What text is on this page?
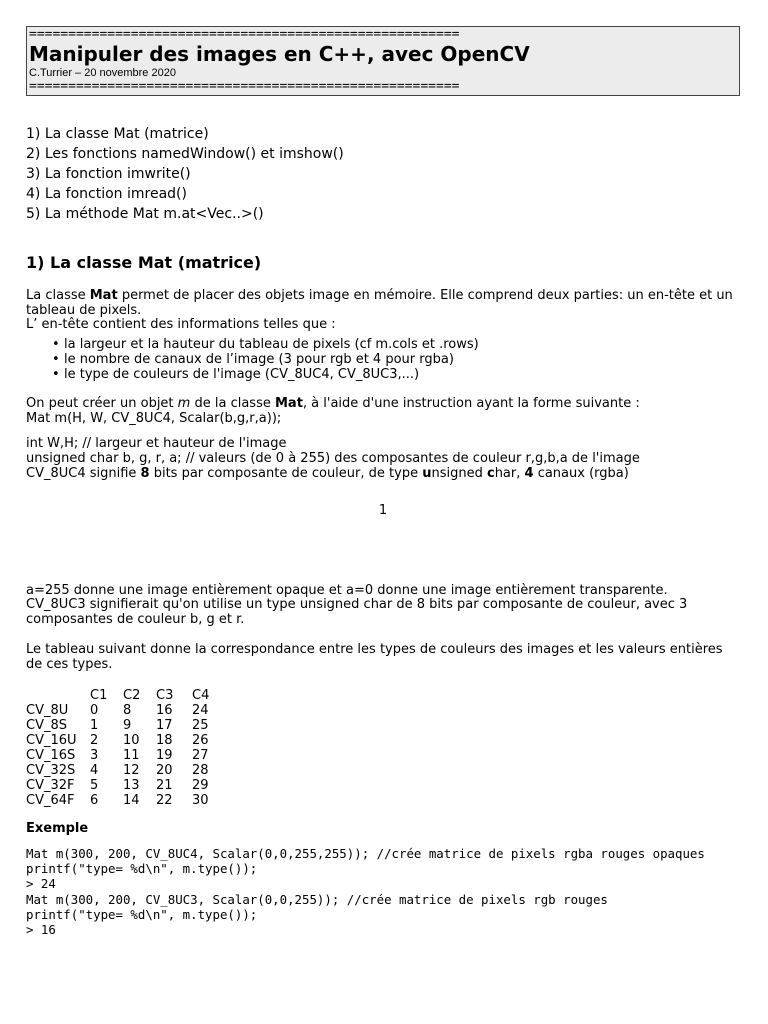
=======================================================
Manipuler des images en C++, avec OpenCV
C.Turrier – 20 novembre 2020
=======================================================
1) La classe Mat (matrice)
2) Les fonctions namedWindow() et imshow()
3) La fonction imwrite()
4) La fonction imread()
5) La méthode Mat m.at<Vec..>()
1) La classe Mat (matrice)

La classe Mat permet de placer des objets image en mémoire. Elle comprend deux parties: un en-tête et un tableau de pixels.

L’ en-tête contient des informations telles que :

• la largeur et la hauteur du tableau de pixels (cf m.cols et .rows)
• le nombre de canaux de l’image (3 pour rgb et 4 pour rgba)
• le type de couleurs de l'image (CV_8UC4, CV_8UC3,...)

On peut créer un objet m de la classe Mat, à l'aide d'une instruction ayant la forme suivante :

Mat m(H, W, CV_8UC4, Scalar(b,g,r,a));

int W,H; // largeur et hauteur de l'image

unsigned char b, g, r, a; // valeurs (de 0 à 255) des composantes de couleur r,g,b,a de l'image

CV_8UC4 signifie 8 bits par composante de couleur, de type unsigned char, 4 canaux (rgba)

1

a=255 donne une image entièrement opaque et a=0 donne une image entièrement transparente.

CV_8UC3 signifierait qu'on utilise un type unsigned char de 8 bits par composante de couleur, avec 3 composantes de couleur b, g et r.

Le tableau suivant donne la correspondance entre les types de couleurs des images et les valeurs entières de ces types.

	C1	C2	C3	C4
CV_8U	0	8	16	24
CV_8S	1	9	17	25
CV_16U	2	10	18	26
CV_16S	3	11	19	27
CV_32S	4	12	20	28
CV_32F	5	13	21	29
CV_64F	6	14	22	30
Exemple
Mat m(300, 200, CV_8UC4, Scalar(0,0,255,255)); //crée matrice de pixels rgba rouges opaques
printf("type= %d\n", m.type());
> 24
Mat m(300, 200, CV_8UC3, Scalar(0,0,255)); //crée matrice de pixels rgb rouges
printf("type= %d\n", m.type());
> 16
